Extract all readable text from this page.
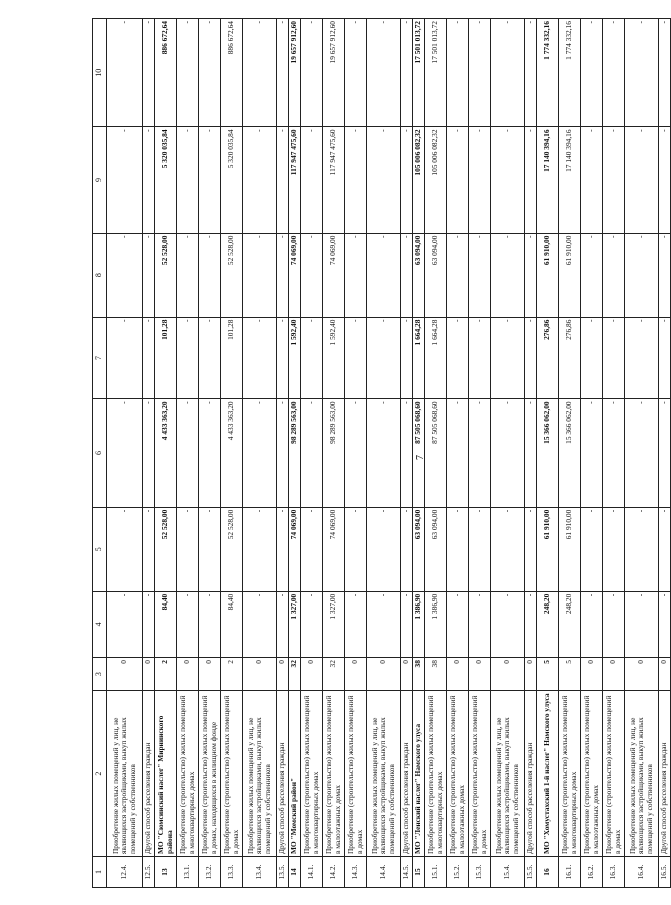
7
1	2	3	4	5	6	7	8	9	10
12.4.	Приобретение жилых помещений у лиц, не являющихся застройщиками, выкуп жилых помещений у собственников	0	-	-	-	-	-	-	-
12.5.	Другой способ расселения граждан	0	-	-	-	-	-	-	-
13	МО "Сюмсинский наслег" Мирнинского района	2	84,40	52 528,00	4 433 363,20	101,28	52 528,00	5 320 035,84	886 672,64
13.1.	Приобретение (строительство) жилых помещений в многоквартирных домах	0	-	-	-	-	-	-	-
13.2.	Приобретение (строительство) жилых помещений в домах, находящихся в жилищном фонде	0	-	-	-	-	-	-	-
13.3.	Приобретение (строительство) жилых помещений в домах	2	84,40	52 528,00	4 433 363,20	101,28	52 528,00	5 320 035,84	886 672,64
13.4.	Приобретение жилых помещений у лиц, не являющихся застройщиками, выкуп жилых помещений у собственников	0	-	-	-	-	-	-	-
13.5.	Другой способ расселения граждан	0	-	-	-	-	-	-	-
14	МО "Момский район"	32	1 327,00	74 069,00	98 289 563,00	1 592,40	74 069,00	117 947 475,60	19 657 912,60
14.1.	Приобретение (строительство) жилых помещений в многоквартирных домах	0	-	-	-	-	-	-	-
14.2.	Приобретение (строительство) жилых помещений в малоэтажных домах	32	1 327,00	74 069,00	98 289 563,00	1 592,40	74 069,00	117 947 475,60	19 657 912,60
14.3.	Приобретение (строительство) жилых помещений в домах	0	-	-	-	-	-	-	-
14.4.	Приобретение жилых помещений у лиц, не являющихся застройщиками, выкуп жилых помещений у собственников	0	-	-	-	-	-	-	-
14.5.	Другой способ расселения граждан	0	-	-	-	-	-	-	-
15	МО "Ленский наслег" Намского улуса	38	1 386,90	63 094,00	87 505 068,60	1 664,28	63 094,00	105 006 082,32	17 501 013,72
15.1.	Приобретение (строительство) жилых помещений в многоквартирных домах	38	1 386,90	63 094,00	87 505 068,60	1 664,28	63 094,00	105 006 082,32	17 501 013,72
15.2.	Приобретение (строительство) жилых помещений в малоэтажных домах	0	-	-	-	-	-	-	-
15.3.	Приобретение (строительство) жилых помещений в домах	0	-	-	-	-	-	-	-
15.4.	Приобретение жилых помещений у лиц, не являющихся застройщиками, выкуп жилых помещений у собственников	0	-	-	-	-	-	-	-
15.5.	Другой способ расселения граждан	0	-	-	-	-	-	-	-
16	МО "Хомустахский 1-й наслег" Намского улуса	5	248,20	61 910,00	15 366 062,00	276,86	61 910,00	17 140 394,16	1 774 332,16
16.1.	Приобретение (строительство) жилых помещений в многоквартирных домах	5	248,20	61 910,00	15 366 062,00	276,86	61 910,00	17 140 394,16	1 774 332,16
16.2.	Приобретение (строительство) жилых помещений в малоэтажных домах	0	-	-	-	-	-	-	-
16.3.	Приобретение (строительство) жилых помещений в домах	0	-	-	-	-	-	-	-
16.4.	Приобретение жилых помещений у лиц, не являющихся застройщиками, выкуп жилых помещений у собственников	0	-	-	-	-	-	-	-
16.5.	Другой способ расселения граждан	0	-	-	-	-	-	-	-
